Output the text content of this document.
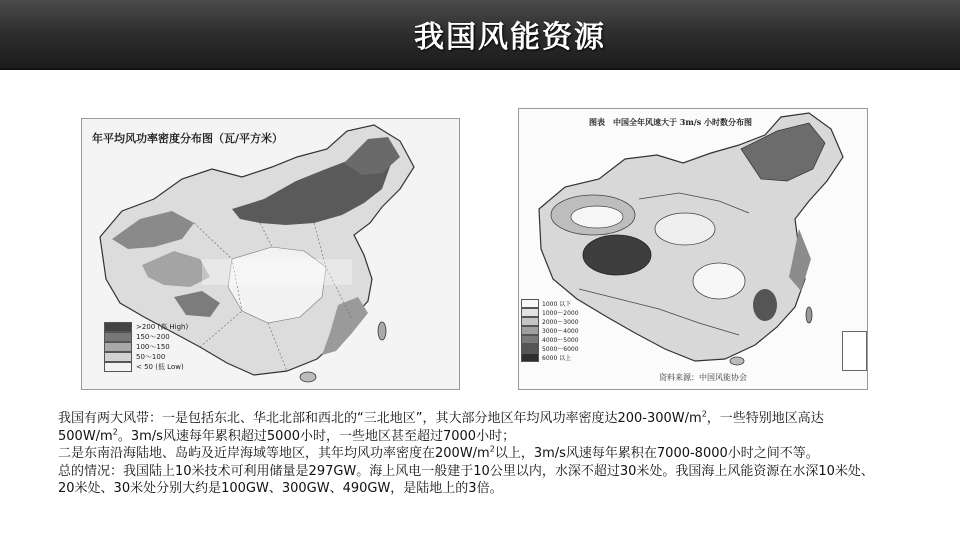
我国风能资源
年平均风功率密度分布图（瓦/平方米）
>200 (高 High)
150～200
100～150
50～100
< 50 (低 Low)
图表　中国全年风速大于 3m/s 小时数分布图
1000 以下
1000～2000
2000～3000
3000～4000
4000～5000
5000～6000
6000 以上
资料来源：中国风能协会

我国有两大风带：一是包括东北、华北北部和西北的“三北地区”，其大部分地区年均风功率密度达$200-300W/m^2$，一些特别地区高达$500W/m^2$。3m/s风速每年累积超过5000小时，一些地区甚至超过7000小时；

二是东南沿海陆地、岛屿及近岸海域等地区，其年均风功率密度在$200W/m^2$以上，3m/s风速每年累积在7000-8000小时之间不等。

总的情况：我国陆上10米技术可利用储量是297GW。海上风电一般建于10公里以内，水深不超过30米处。我国海上风能资源在水深10米处、20米处、30米处分别大约是100GW、300GW、490GW，是陆地上的3倍。
